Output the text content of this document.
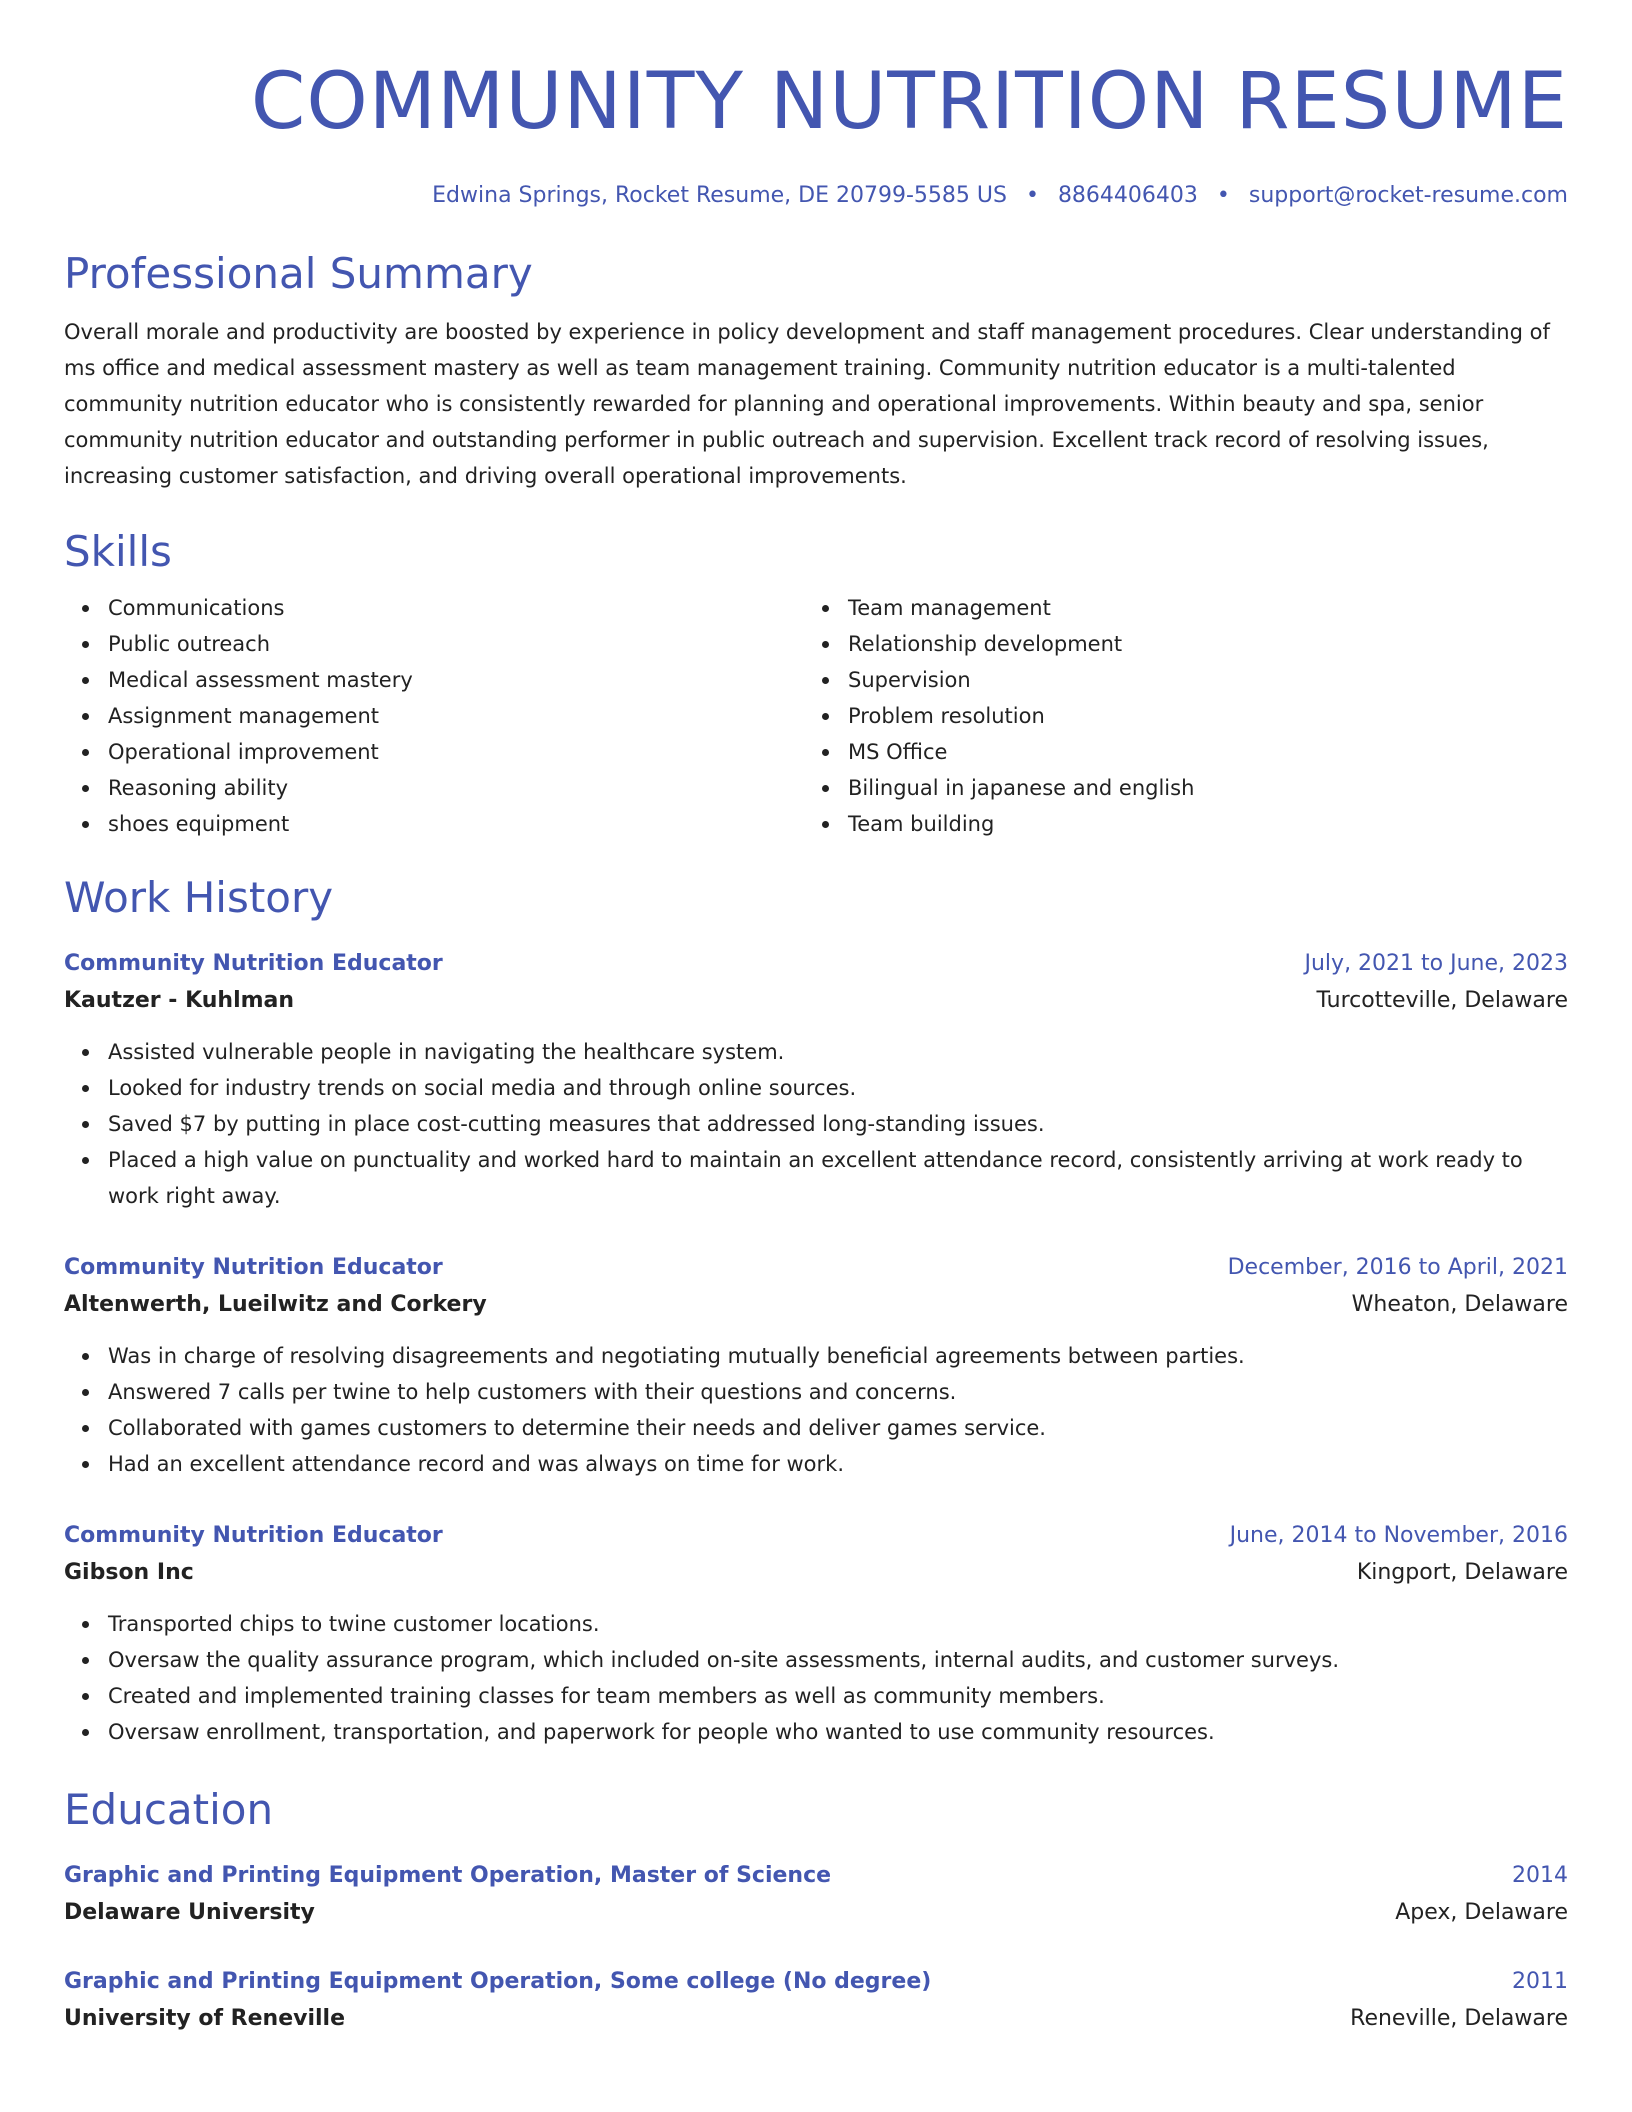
COMMUNITY NUTRITION RESUME
Edwina Springs, Rocket Resume, DE 20799-5585 US • 8864406403 • support@rocket-resume.com
Professional Summary

Overall morale and productivity are boosted by experience in policy development and staff management procedures. Clear understanding of ms office and medical assessment mastery as well as team management training. Community nutrition educator is a multi-talented community nutrition educator who is consistently rewarded for planning and operational improvements. Within beauty and spa, senior community nutrition educator and outstanding performer in public outreach and supervision. Excellent track record of resolving issues, increasing customer satisfaction, and driving overall operational improvements.

Skills
Communications
Public outreach
Medical assessment mastery
Assignment management
Operational improvement
Reasoning ability
shoes equipment
Team management
Relationship development
Supervision
Problem resolution
MS Office
Bilingual in japanese and english
Team building
Work History
Community Nutrition Educator	July, 2021 to June, 2023
Kautzer - Kuhlman	Turcotteville, Delaware
Assisted vulnerable people in navigating the healthcare system.
Looked for industry trends on social media and through online sources.
Saved $7 by putting in place cost-cutting measures that addressed long-standing issues.
Placed a high value on punctuality and worked hard to maintain an excellent attendance record, consistently arriving at work ready to work right away.
Community Nutrition Educator	December, 2016 to April, 2021
Altenwerth, Lueilwitz and Corkery	Wheaton, Delaware
Was in charge of resolving disagreements and negotiating mutually beneficial agreements between parties.
Answered 7 calls per twine to help customers with their questions and concerns.
Collaborated with games customers to determine their needs and deliver games service.
Had an excellent attendance record and was always on time for work.
Community Nutrition Educator	June, 2014 to November, 2016
Gibson Inc	Kingport, Delaware
Transported chips to twine customer locations.
Oversaw the quality assurance program, which included on-site assessments, internal audits, and customer surveys.
Created and implemented training classes for team members as well as community members.
Oversaw enrollment, transportation, and paperwork for people who wanted to use community resources.
Education
Graphic and Printing Equipment Operation, Master of Science	2014
Delaware University	Apex, Delaware
Graphic and Printing Equipment Operation, Some college (No degree)	2011
University of Reneville	Reneville, Delaware
